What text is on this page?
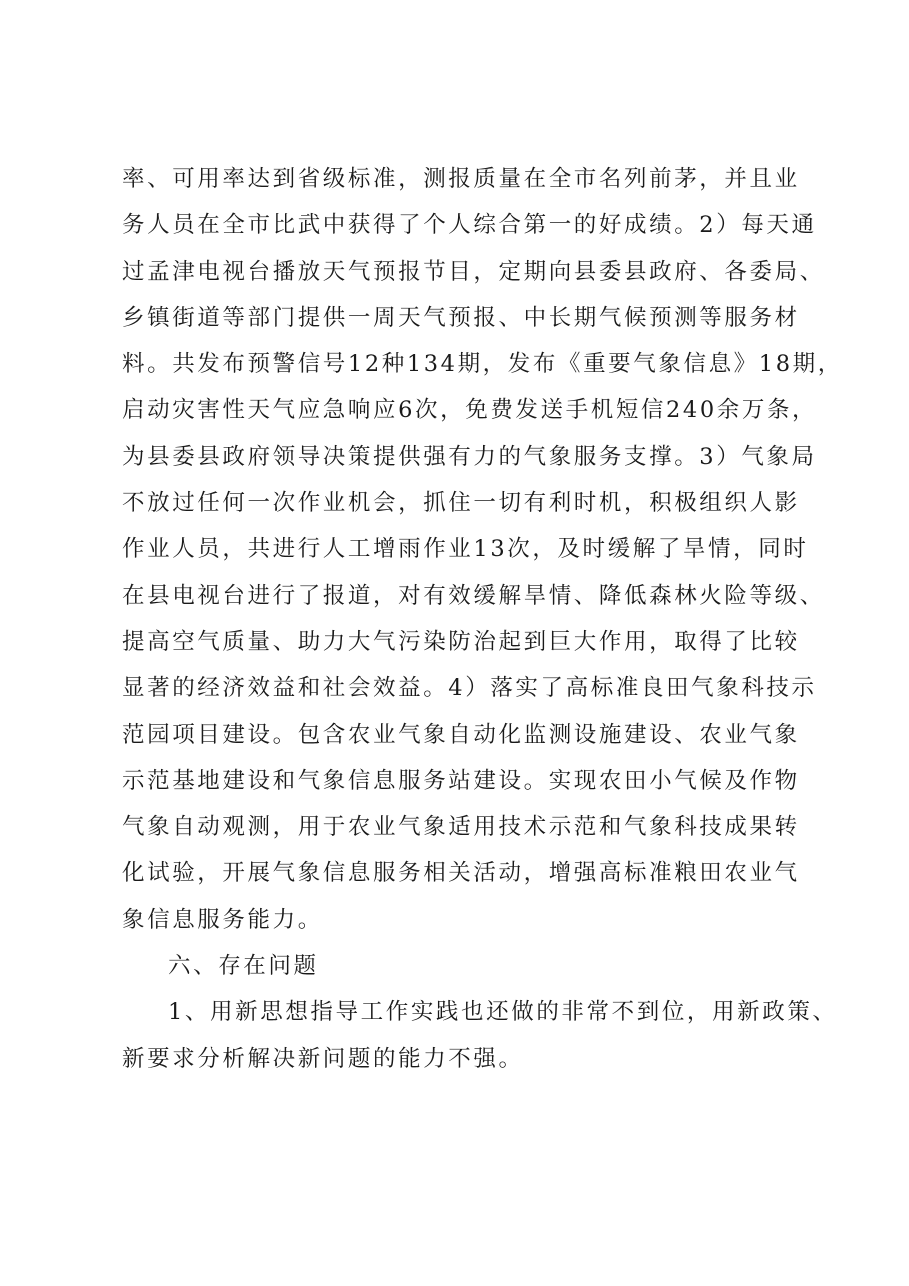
率、可用率达到省级标准，测报质量在全市名列前茅，并且业
务人员在全市比武中获得了个人综合第一的好成绩。2）每天通
过孟津电视台播放天气预报节目，定期向县委县政府、各委局、
乡镇街道等部门提供一周天气预报、中长期气候预测等服务材
料。共发布预警信号12种134期，发布《重要气象信息》18期，
启动灾害性天气应急响应6次，免费发送手机短信240余万条，
为县委县政府领导决策提供强有力的气象服务支撑。3）气象局
不放过任何一次作业机会，抓住一切有利时机，积极组织人影
作业人员，共进行人工增雨作业13次，及时缓解了旱情，同时
在县电视台进行了报道，对有效缓解旱情、降低森林火险等级、
提高空气质量、助力大气污染防治起到巨大作用，取得了比较
显著的经济效益和社会效益。4）落实了高标准良田气象科技示
范园项目建设。包含农业气象自动化监测设施建设、农业气象
示范基地建设和气象信息服务站建设。实现农田小气候及作物
气象自动观测，用于农业气象适用技术示范和气象科技成果转
化试验，开展气象信息服务相关活动，增强高标准粮田农业气
象信息服务能力。
六、存在问题
1、用新思想指导工作实践也还做的非常不到位，用新政策、
新要求分析解决新问题的能力不强。
